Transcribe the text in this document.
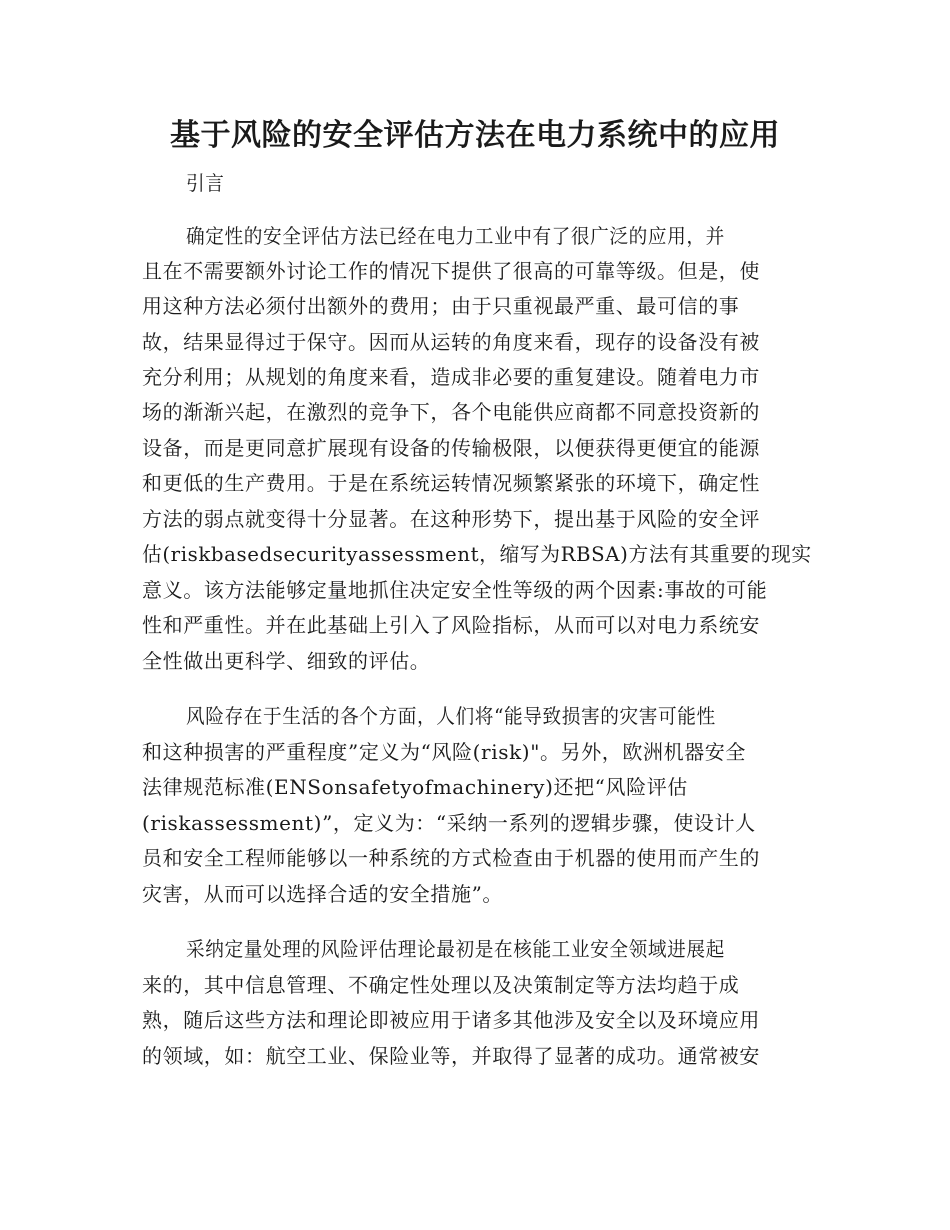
基于风险的安全评估方法在电力系统中的应用
引言
确定性的安全评估方法已经在电力工业中有了很广泛的应用，并
且在不需要额外讨论工作的情况下提供了很高的可靠等级。但是，使
用这种方法必须付出额外的费用；由于只重视最严重、最可信的事
故，结果显得过于保守。因而从运转的角度来看，现存的设备没有被
充分利用；从规划的角度来看，造成非必要的重复建设。随着电力市
场的渐渐兴起，在激烈的竞争下，各个电能供应商都不同意投资新的
设备，而是更同意扩展现有设备的传输极限，以便获得更便宜的能源
和更低的生产费用。于是在系统运转情况频繁紧张的环境下，确定性
方法的弱点就变得十分显著。在这种形势下，提出基于风险的安全评
估(riskbasedsecurityassessment，缩写为RBSA)方法有其重要的现实
意义。该方法能够定量地抓住决定安全性等级的两个因素:事故的可能
性和严重性。并在此基础上引入了风险指标，从而可以对电力系统安
全性做出更科学、细致的评估。
风险存在于生活的各个方面，人们将“能导致损害的灾害可能性
和这种损害的严重程度”定义为“风险(risk)"。另外，欧洲机器安全
法律规范标准(ENSonsafetyofmachinery)还把“风险评估
(riskassessment)”，定义为：“采纳一系列的逻辑步骤，使设计人
员和安全工程师能够以一种系统的方式检查由于机器的使用而产生的
灾害，从而可以选择合适的安全措施”。
采纳定量处理的风险评估理论最初是在核能工业安全领域进展起
来的，其中信息管理、不确定性处理以及决策制定等方法均趋于成
熟，随后这些方法和理论即被应用于诸多其他涉及安全以及环境应用
的领域，如：航空工业、保险业等，并取得了显著的成功。通常被安
